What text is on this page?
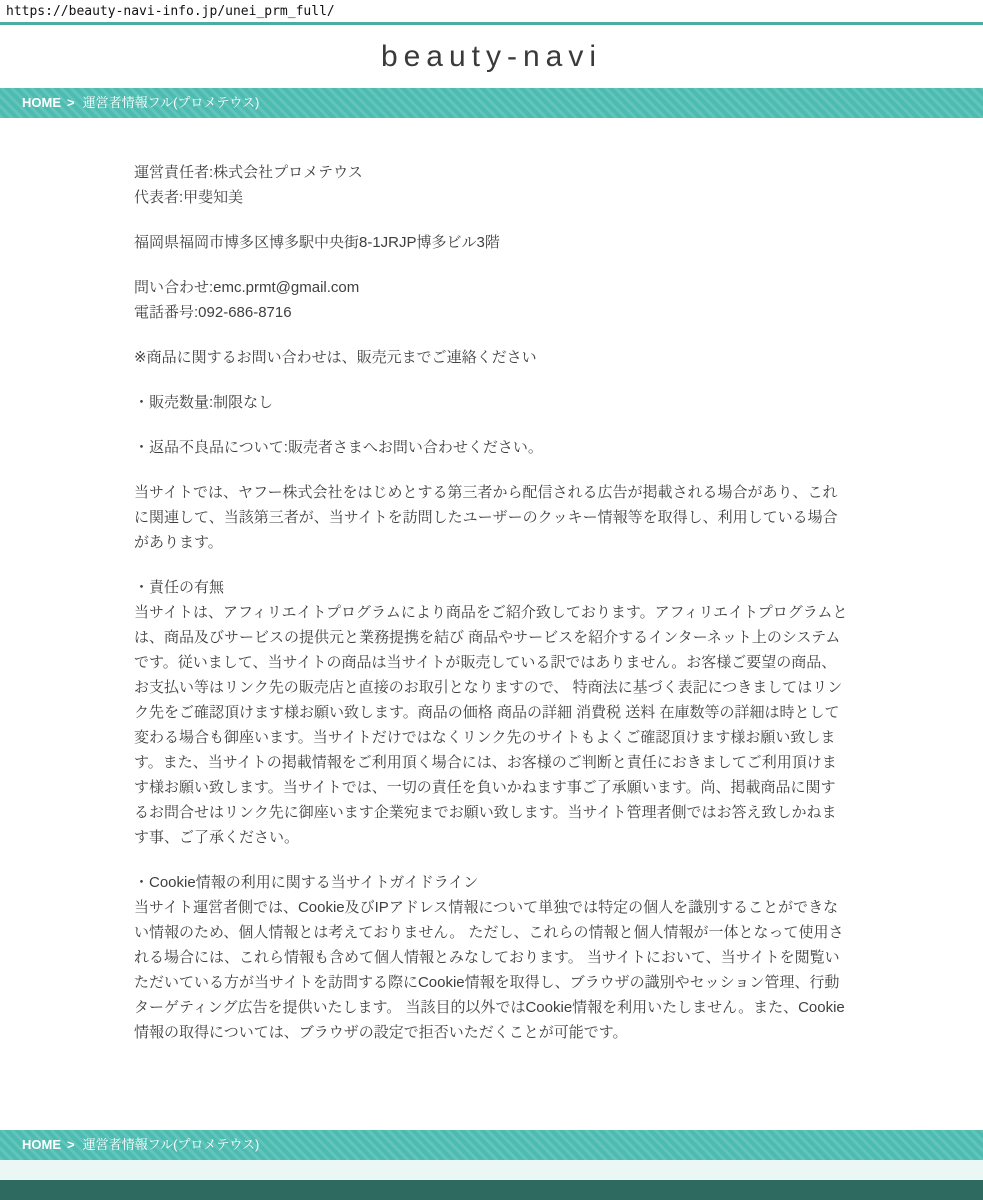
https://beauty-navi-info.jp/unei_prm_full/
beauty-navi
HOME > 運営者情報フル(プロメテウス)

運営責任者:株式会社プロメテウス
代表者:甲斐知美

福岡県福岡市博多区博多駅中央街8-1JRJP博多ビル3階

問い合わせ:emc.prmt@gmail.com
電話番号:092-686-8716

※商品に関するお問い合わせは、販売元までご連絡ください

・販売数量:制限なし

・返品不良品について:販売者さまへお問い合わせください。

当サイトでは、ヤフー株式会社をはじめとする第三者から配信される広告が掲載される場合があり、これに関連して、当該第三者が、当サイトを訪問したユーザーのクッキー情報等を取得し、利用している場合があります。

・責任の有無
当サイトは、アフィリエイトプログラムにより商品をご紹介致しております。アフィリエイトプログラムとは、商品及びサービスの提供元と業務提携を結び 商品やサービスを紹介するインターネット上のシステムです。従いまして、当サイトの商品は当サイトが販売している訳ではありません。お客様ご要望の商品、お支払い等はリンク先の販売店と直接のお取引となりますので、 特商法に基づく表記につきましてはリンク先をご確認頂けます様お願い致します。商品の価格 商品の詳細 消費税 送料 在庫数等の詳細は時として変わる場合も御座います。当サイトだけではなくリンク先のサイトもよくご確認頂けます様お願い致します。また、当サイトの掲載情報をご利用頂く場合には、お客様のご判断と責任におきましてご利用頂けます様お願い致します。当サイトでは、一切の責任を負いかねます事ご了承願います。尚、掲載商品に関するお問合せはリンク先に御座います企業宛までお願い致します。当サイト管理者側ではお答え致しかねます事、ご了承ください。

・Cookie情報の利用に関する当サイトガイドライン
当サイト運営者側では、Cookie及びIPアドレス情報について単独では特定の個人を識別することができない情報のため、個人情報とは考えておりません。 ただし、これらの情報と個人情報が一体となって使用される場合には、これら情報も含めて個人情報とみなしております。 当サイトにおいて、当サイトを閲覧いただいている方が当サイトを訪問する際にCookie情報を取得し、ブラウザの識別やセッション管理、行動ターゲティング広告を提供いたします。 当該目的以外ではCookie情報を利用いたしません。また、Cookie情報の取得については、ブラウザの設定で拒否いただくことが可能です。

HOME > 運営者情報フル(プロメテウス)
